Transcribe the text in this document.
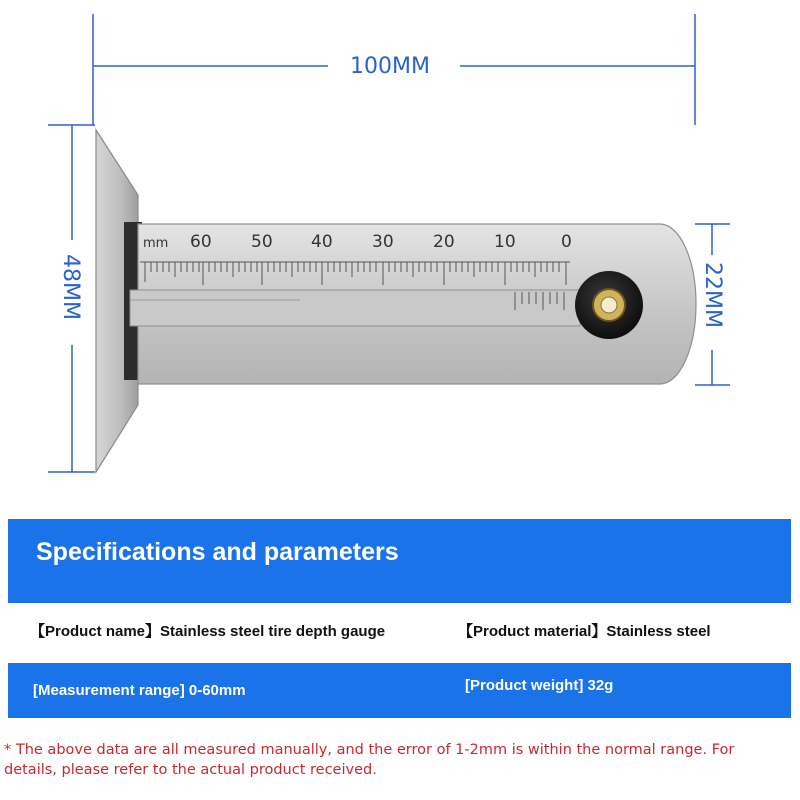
mm 60 50 40 30 20 10	0
100MM
48MM	22MM
Specifications and parameters
【Product name】Stainless steel tire depth gauge	【Product material】Stainless steel
[Measurement range] 0-60mm	[Product weight] 32g
* The above data are all measured manually, and the error of 1-2mm is within the normal range. For details, please refer to the actual product received.
